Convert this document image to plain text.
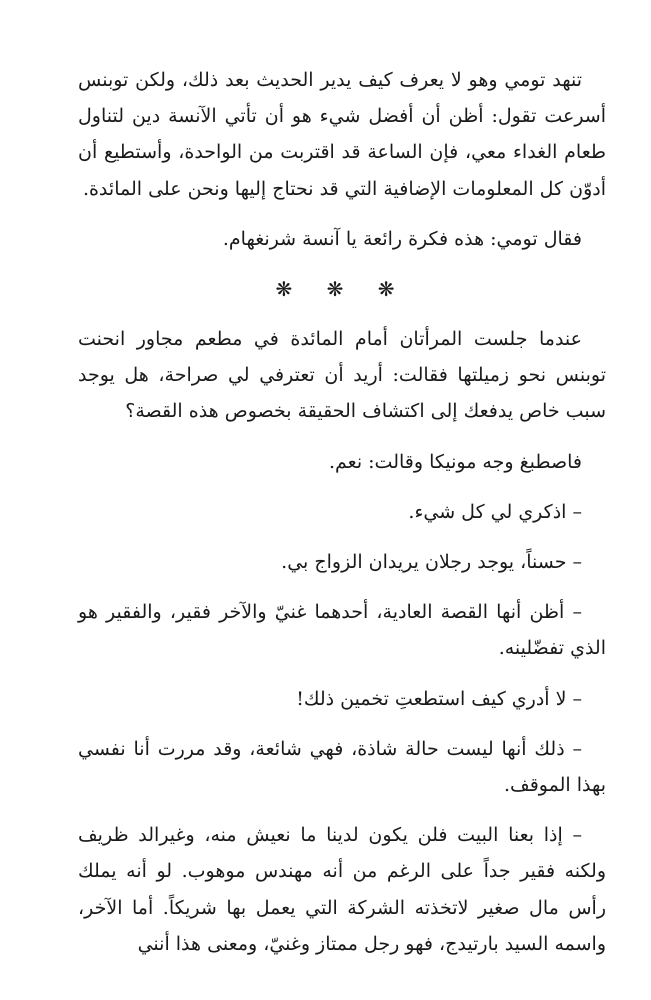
تنهد تومي وهو لا يعرف كيف يدير الحديث بعد ذلك، ولكن توبنس أسرعت تقول: أظن أن أفضل شيء هو أن تأتي الآنسة دين لتناول طعام الغداء معي، فإن الساعة قد اقتربت من الواحدة، وأستطيع أن أدوّن كل المعلومات الإضافية التي قد نحتاج إليها ونحن على المائدة.

فقال تومي: هذه فكرة رائعة يا آنسة شرنغهام.

❋ ❋ ❋

عندما جلست المرأتان أمام المائدة في مطعم مجاور انحنت توبنس نحو زميلتها فقالت: أريد أن تعترفي لي صراحة، هل يوجد سبب خاص يدفعك إلى اكتشاف الحقيقة بخصوص هذه القصة؟

فاصطبغ وجه مونيكا وقالت: نعم.

– اذكري لي كل شيء.

– حسناً، يوجد رجلان يريدان الزواج بي.

– أظن أنها القصة العادية، أحدهما غنيّ والآخر فقير، والفقير هو الذي تفضّلينه.

– لا أدري كيف استطعتِ تخمين ذلك!

– ذلك أنها ليست حالة شاذة، فهي شائعة، وقد مررت أنا نفسي بهذا الموقف.

– إذا بعنا البيت فلن يكون لدينا ما نعيش منه، وغيرالد ظريف ولكنه فقير جداً على الرغم من أنه مهندس موهوب. لو أنه يملك رأس مال صغير لاتخذته الشركة التي يعمل بها شريكاً. أما الآخر، واسمه السيد بارتيدج، فهو رجل ممتاز وغنيّ، ومعنى هذا أنني
